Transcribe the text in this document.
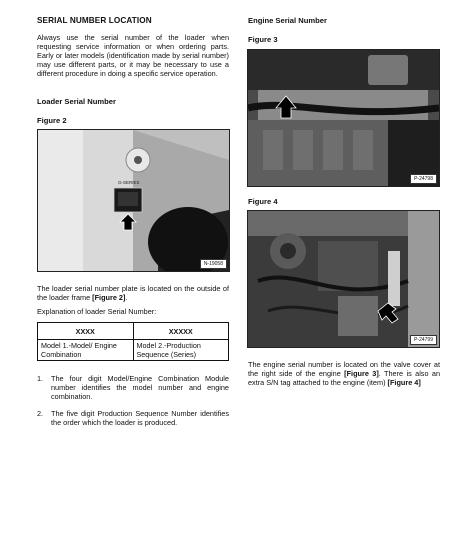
SERIAL NUMBER LOCATION
Always use the serial number of the loader when requesting service information or when ordering parts. Early or later models (identification made by serial number) may use different parts, or it may be necessary to use a different procedure in doing a specific service operation.
Loader Serial Number
Figure 2
G-SERIES
N-19058
The loader serial number plate is located on the outside of the loader frame [Figure 2].
Explanation of loader Serial Number:
XXXX	XXXXX
Model 1.-Model/ Engine Combination	Model 2.-Production Sequence (Series)
1. The four digit Model/Engine Combination Module number identifies the model number and engine combination.
2. The five digit Production Sequence Number identifies the order which the loader is produced.
Engine Serial Number
Figure 3
P-24798
Figure 4
P-24799
The engine serial number is located on the valve cover at the right side of the engine [Figure 3]. There is also an extra S/N tag attached to the engine (item) [Figure 4]
